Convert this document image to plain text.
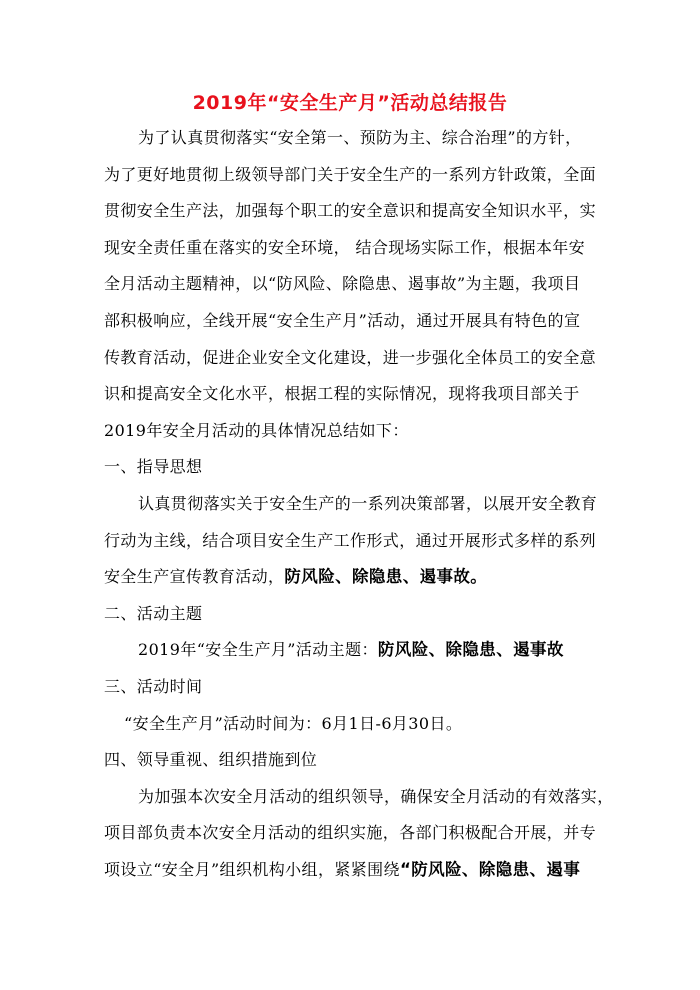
2019年“安全生产月”活动总结报告
为了认真贯彻落实“安全第一、预防为主、综合治理”的方针，
为了更好地贯彻上级领导部门关于安全生产的一系列方针政策，全面
贯彻安全生产法，加强每个职工的安全意识和提高安全知识水平，实
现安全责任重在落实的安全环境， 结合现场实际工作，根据本年安
全月活动主题精神，以“防风险、除隐患、遏事故”为主题，我项目
部积极响应，全线开展“安全生产月”活动，通过开展具有特色的宣
传教育活动，促进企业安全文化建设，进一步强化全体员工的安全意
识和提高安全文化水平，根据工程的实际情况，现将我项目部关于
2019年安全月活动的具体情况总结如下：
一、指导思想
认真贯彻落实关于安全生产的一系列决策部署，以展开安全教育
行动为主线，结合项目安全生产工作形式，通过开展形式多样的系列
安全生产宣传教育活动，防风险、除隐患、遏事故。
二、活动主题
2019年“安全生产月”活动主题：防风险、除隐患、遏事故
三、活动时间
“安全生产月”活动时间为：6月1日-6月30日。
四、领导重视、组织措施到位
为加强本次安全月活动的组织领导，确保安全月活动的有效落实，
项目部负责本次安全月活动的组织实施，各部门积极配合开展，并专
项设立“安全月”组织机构小组，紧紧围绕“防风险、除隐患、遏事
